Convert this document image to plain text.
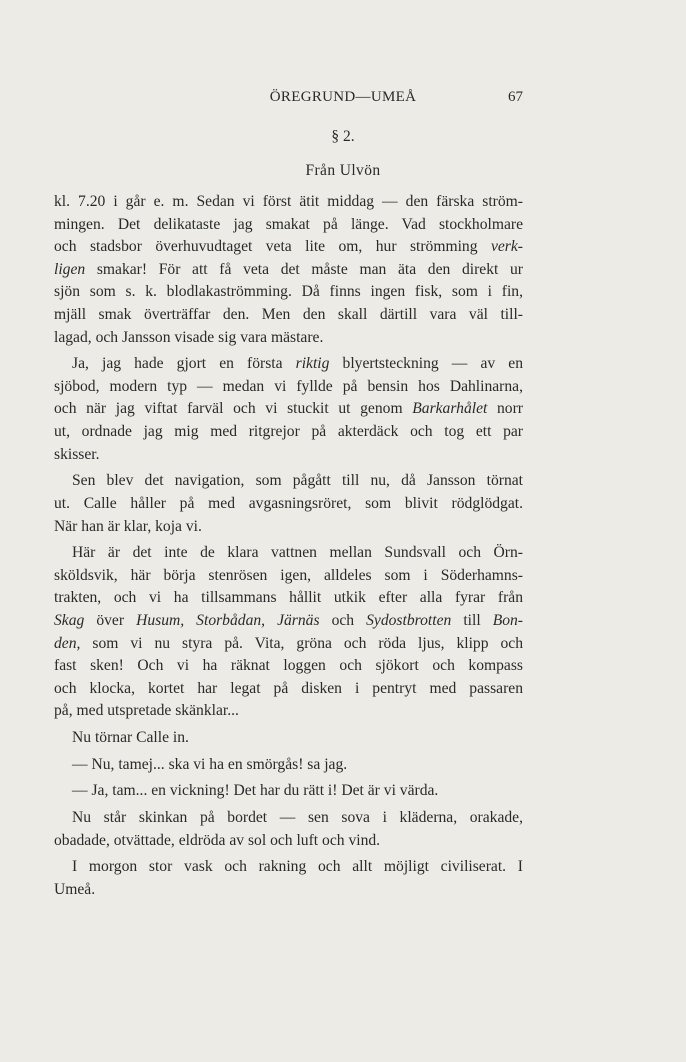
ÖREGRUND—UMEÅ	67
§ 2.
Från Ulvön

kl. 7.20 i går e. m. Sedan vi först ätit middag — den färska ström-
mingen. Det delikataste jag smakat på länge. Vad stockholmare
och stadsbor överhuvudtaget veta lite om, hur strömming verk-
ligen smakar! För att få veta det måste man äta den direkt ur
sjön som s. k. blodlakaströmming. Då finns ingen fisk, som i fin,
mjäll smak överträffar den. Men den skall därtill vara väl till-
lagad, och Jansson visade sig vara mästare.

Ja, jag hade gjort en första riktig blyertsteckning — av en
sjöbod, modern typ — medan vi fyllde på bensin hos Dahlinarna,
och när jag viftat farväl och vi stuckit ut genom Barkarhålet norr
ut, ordnade jag mig med ritgrejor på akterdäck och tog ett par
skisser.

Sen blev det navigation, som pågått till nu, då Jansson törnat
ut. Calle håller på med avgasningsröret, som blivit rödglödgat.
När han är klar, koja vi.

Här är det inte de klara vattnen mellan Sundsvall och Örn-
sköldsvik, här börja stenrösen igen, alldeles som i Söderhamns-
trakten, och vi ha tillsammans hållit utkik efter alla fyrar från
Skag över Husum, Storbådan, Järnäs och Sydostbrotten till Bon-
den, som vi nu styra på. Vita, gröna och röda ljus, klipp och
fast sken! Och vi ha räknat loggen och sjökort och kompass
och klocka, kortet har legat på disken i pentryt med passaren
på, med utspretade skänklar...

Nu törnar Calle in.

— Nu, tamej... ska vi ha en smörgås! sa jag.

— Ja, tam... en vickning! Det har du rätt i! Det är vi värda.

Nu står skinkan på bordet — sen sova i kläderna, orakade,
obadade, otvättade, eldröda av sol och luft och vind.

I morgon stor vask och rakning och allt möjligt civiliserat. I
Umeå.
